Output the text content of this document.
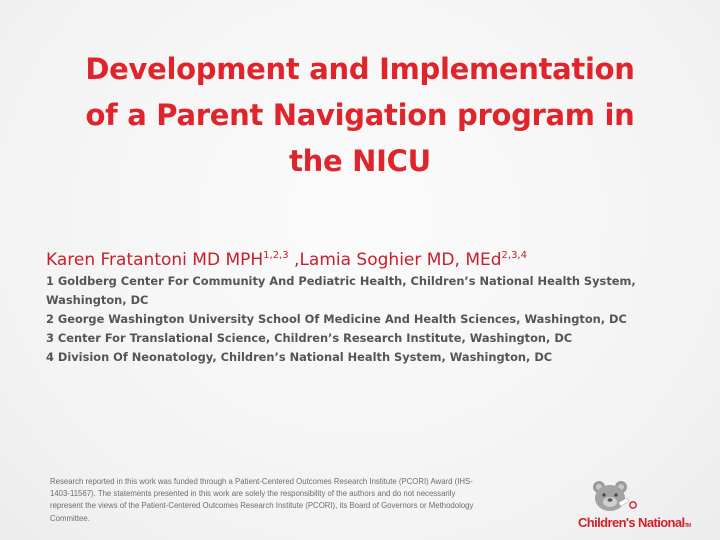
Development and Implementation
of a Parent Navigation program in
the NICU
Karen Fratantoni MD MPH$^{1,2,3}$ ,Lamia Soghier MD, MEd$^{2,3,4}$
1 Goldberg Center For Community And Pediatric Health, Children’s National Health System,
Washington, DC
2 George Washington University School Of Medicine And Health Sciences, Washington, DC
3 Center For Translational Science, Children’s Research Institute, Washington, DC
4 Division Of Neonatology, Children’s National Health System, Washington, DC
Research reported in this work was funded through a Patient-Centered Outcomes Research Institute (PCORI) Award (IHS-
1403-11567). The statements presented in this work are solely the responsibility of the authors and do not necessarily
represent the views of the Patient-Centered Outcomes Research Institute (PCORI), its Board of Governors or Methodology
Committee.	Children's NationalTM
